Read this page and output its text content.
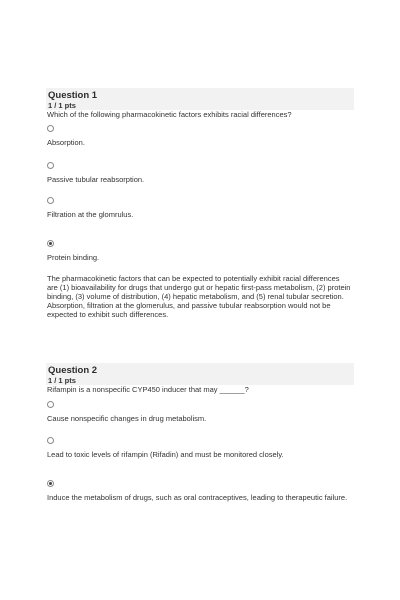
Question 1
1 / 1 pts
Which of the following pharmacokinetic factors exhibits racial differences?
Absorption.
Passive tubular reabsorption.
Filtration at the glomrulus.
Protein binding.
The pharmacokinetic factors that can be expected to potentially exhibit racial differences are (1) bioavailability for drugs that undergo gut or hepatic first-pass metabolism, (2) protein binding, (3) volume of distribution, (4) hepatic metabolism, and (5) renal tubular secretion. Absorption, filtration at the glomerulus, and passive tubular reabsorption would not be expected to exhibit such differences.
Question 2
1 / 1 pts
Rifampin is a nonspecific CYP450 inducer that may ______?
Cause nonspecific changes in drug metabolism.
Lead to toxic levels of rifampin (Rifadin) and must be monitored closely.
Induce the metabolism of drugs, such as oral contraceptives, leading to therapeutic failure.
